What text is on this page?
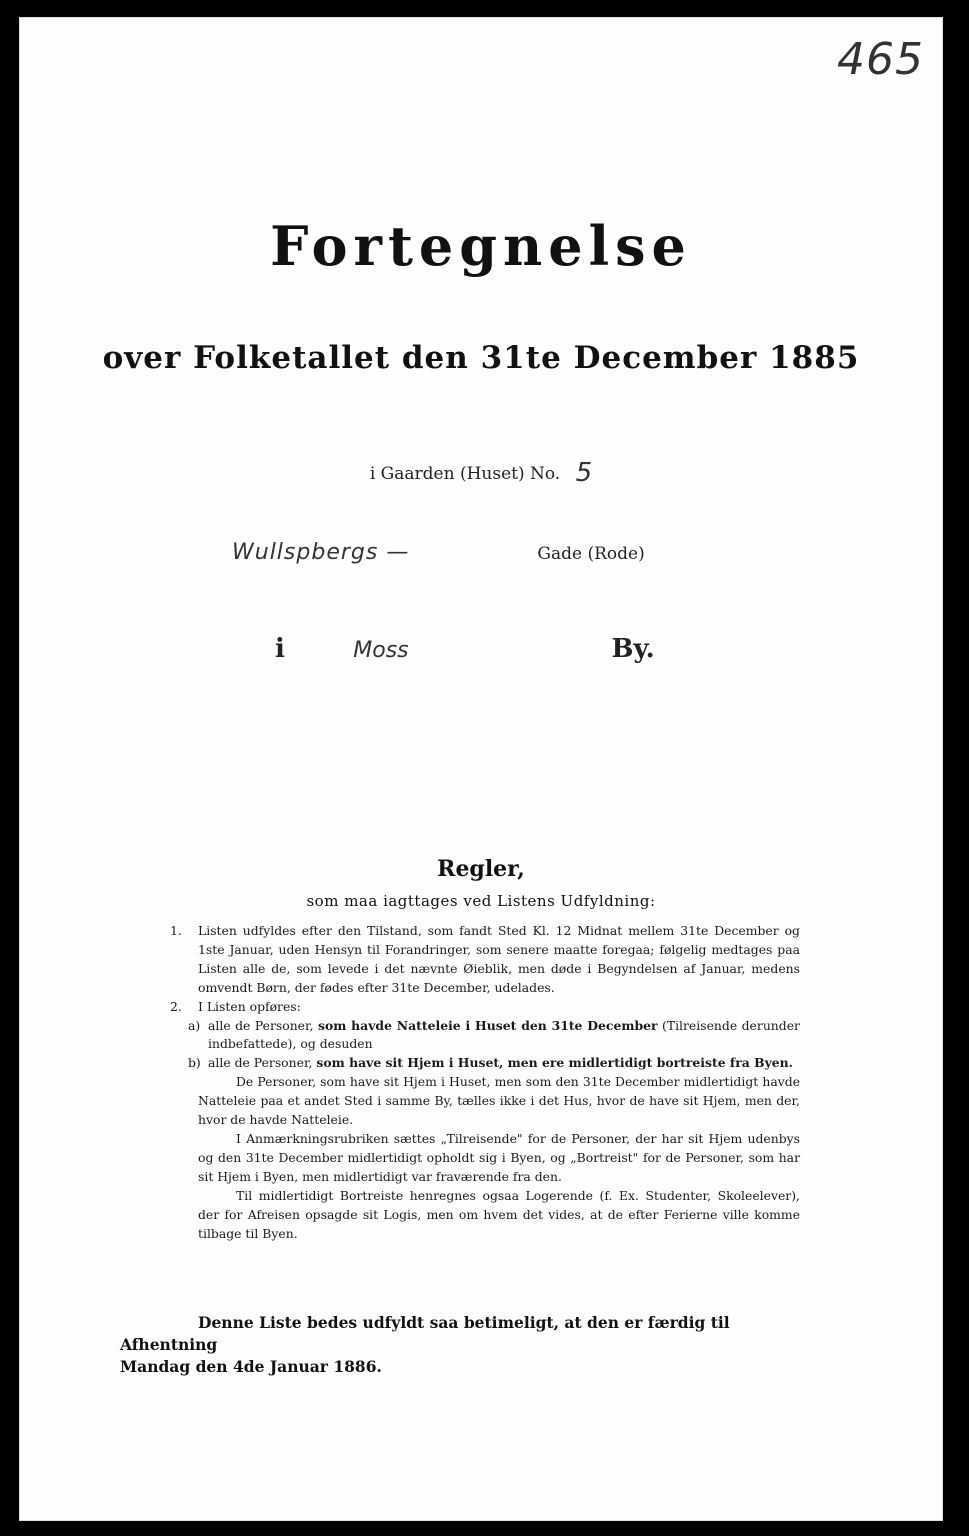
465
Fortegnelse
over Folketallet den 31te December 1885
i Gaarden (Huset) No. 5
Wullspbergs —	Gade (Rode)
i	Moss	By.
Regler,
som maa iagttages ved Listens Udfyldning:
1. Listen udfyldes efter den Tilstand, som fandt Sted Kl. 12 Midnat mellem 31te December og 1ste Januar, uden Hensyn til Forandringer, som senere maatte foregaa; følgelig medtages paa Listen alle de, som levede i det nævnte Øieblik, men døde i Begyndelsen af Januar, medens omvendt Børn, der fødes efter 31te December, udelades.
2. I Listen opføres:
a) alle de Personer, som havde Natteleie i Huset den 31te December (Tilreisende derunder indbefattede), og desuden
b) alle de Personer, som have sit Hjem i Huset, men ere midlertidigt bortreiste fra Byen.
De Personer, som have sit Hjem i Huset, men som den 31te December midlertidigt havde Natteleie paa et andet Sted i samme By, tælles ikke i det Hus, hvor de have sit Hjem, men der, hvor de havde Natteleie.
I Anmærkningsrubriken sættes „Tilreisende" for de Personer, der har sit Hjem udenbys og den 31te December midlertidigt opholdt sig i Byen, og „Bortreist" for de Personer, som har sit Hjem i Byen, men midlertidigt var fraværende fra den.
Til midlertidigt Bortreiste henregnes ogsaa Logerende (f. Ex. Studenter, Skoleelever), der for Afreisen opsagde sit Logis, men om hvem det vides, at de efter Ferierne ville komme tilbage til Byen.
Denne Liste bedes udfyldt saa betimeligt, at den er færdig til Afhentning
Mandag den 4de Januar 1886.
